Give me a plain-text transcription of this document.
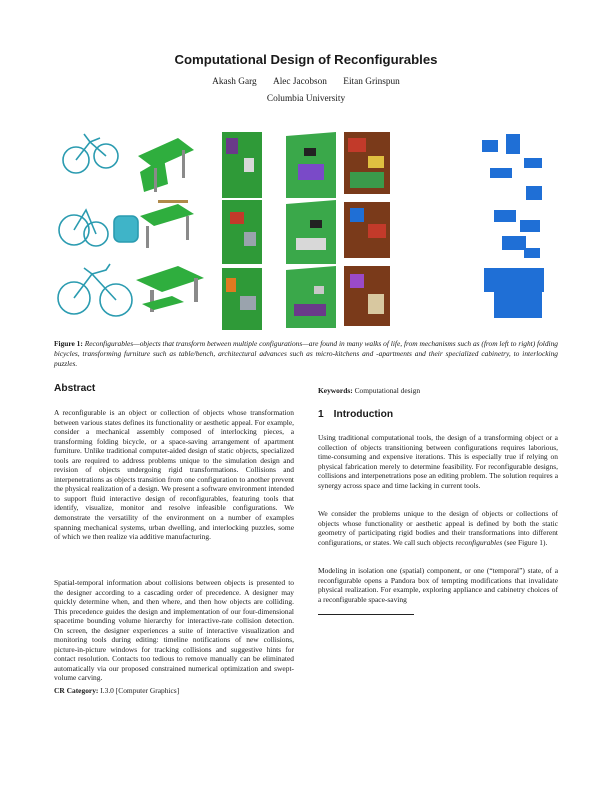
Computational Design of Reconfigurables
Akash Garg Alec Jacobson Eitan Grinspun
Columbia University
Figure 1: Reconfigurables—objects that transform between multiple configurations—are found in many walks of life, from mechanisms such as (from left to right) folding bicycles, transforming furniture such as table/bench, architectural advances such as micro-kitchens and -apartments and their specialized cabinetry, to interlocking puzzles.
Abstract

A reconfigurable is an object or collection of objects whose transformation between various states defines its functionality or aesthetic appeal. For example, consider a mechanical assembly composed of interlocking pieces, a transforming folding bicycle, or a space-saving arrangement of apartment furniture. Unlike traditional computer-aided design of static objects, specialized tools are required to address problems unique to the simulation design and revision of objects undergoing rigid transformations. Collisions and interpenetrations as objects transition from one configuration to another prevent the physical realization of a design. We present a software environment intended to support fluid interactive design of reconfigurables, featuring tools that identify, visualize, monitor and resolve infeasible configurations. We demonstrate the versatility of the environment on a number of examples spanning mechanical systems, urban dwelling, and interlocking puzzles, some of which we then realize via additive manufacturing.

Spatial-temporal information about collisions between objects is presented to the designer according to a cascading order of precedence. A designer may quickly determine when, and then where, and then how objects are colliding. This precedence guides the design and implementation of our four-dimensional spacetime bounding volume hierarchy for interactive-rate collision detection. On screen, the designer experiences a suite of interactive visualization and monitoring tools during editing: timeline notifications of new collisions, picture-in-picture windows for tracking collisions and suggestive hints for contact resolution. Contacts too tedious to remove manually can be eliminated automatically via our proposed constrained numerical optimization and swept-volume carving.

CR Category: I.3.0 [Computer Graphics]
Keywords: Computational design
1 Introduction

Using traditional computational tools, the design of a transforming object or a collection of objects transitioning between configurations requires laborious, time-consuming and expensive iterations. This is especially true if relying on physical fabrication merely to determine feasibility. For reconfigurable designs, collisions and interpenetrations pose an editing problem. The solution requires a synergy across space and time lacking in current tools.

We consider the problems unique to the design of objects or collections of objects whose functionality or aesthetic appeal is defined by both the static geometry of participating rigid bodies and their transformations into different configurations, or states. We call such objects reconfigurables (see Figure 1).

Modeling in isolation one (spatial) component, or one (“temporal”) state, of a reconfigurable opens a Pandora box of tempting modifications that invalidate physical realization. For example, exploring appliance and cabinetry choices of a reconfigurable space-saving
